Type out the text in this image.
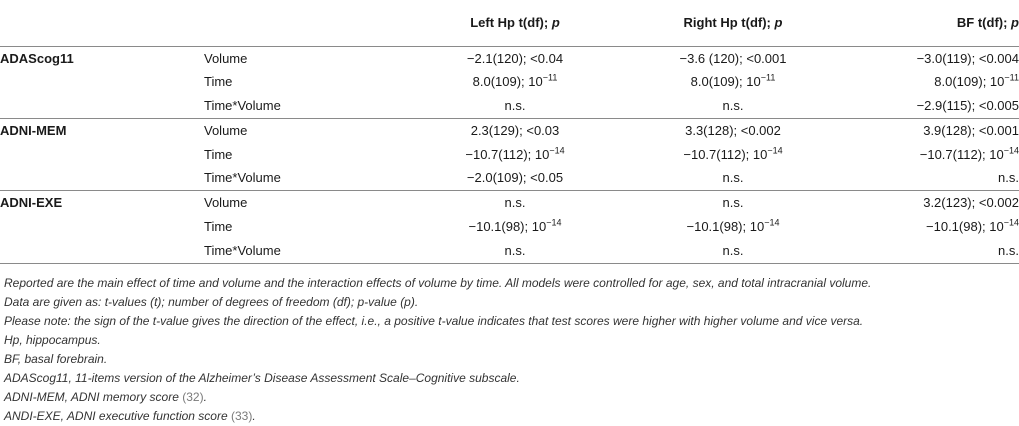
		Left Hp t(df); p	Right Hp t(df); p	BF t(df); p
ADAScog11	Volume	−2.1(120); <0.04	−3.6 (120); <0.001	−3.0(119); <0.004
	Time	8.0(109); $10^{-11}$	8.0(109); $10^{-11}$	8.0(109); $10^{-11}$
	Time*Volume	n.s.	n.s.	−2.9(115); <0.005
ADNI-MEM	Volume	2.3(129); <0.03	3.3(128); <0.002	3.9(128); <0.001
	Time	−10.7(112); $10^{-14}$	−10.7(112); $10^{-14}$	−10.7(112); $10^{-14}$
	Time*Volume	−2.0(109); <0.05	n.s.	n.s.
ADNI-EXE	Volume	n.s.	n.s.	3.2(123); <0.002
	Time	−10.1(98); $10^{-14}$	−10.1(98); $10^{-14}$	−10.1(98); $10^{-14}$
	Time*Volume	n.s.	n.s.	n.s.
Reported are the main effect of time and volume and the interaction effects of volume by time. All models were controlled for age, sex, and total intracranial volume.
Data are given as: t-values (t); number of degrees of freedom (df); p-value (p).
Please note: the sign of the t-value gives the direction of the effect, i.e., a positive t-value indicates that test scores were higher with higher volume and vice versa.
Hp, hippocampus.
BF, basal forebrain.
ADAScog11, 11-items version of the Alzheimer’s Disease Assessment Scale–Cognitive subscale.
ADNI-MEM, ADNI memory score (32).
ANDI-EXE, ADNI executive function score (33).
